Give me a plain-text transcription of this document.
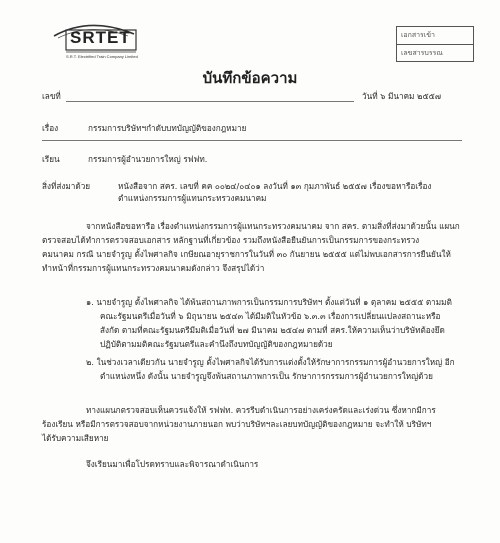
SRTET
S.R.T. Electrified Train Company Limited
เอกสารเข้า
เลขสารบรรณ
บันทึกข้อความ
เลขที่	วันที่ ๖ มีนาคม ๒๕๕๗
เรื่อง	กรรมการบริษัทฯกำดับบทบัญญัติของกฎหมาย
เรียน	กรรมการผู้อำนวยการใหญ่ รฟฟท.
สิ่งที่ส่งมาด้วย	หนังสือจาก สคร. เลขที่ คค ๐๐๒๔/๐๔๐๑ ลงวันที่ ๑๓ กุมภาพันธ์ ๒๕๕๗ เรื่องขอหารือเรื่อง
ตำแหน่งกรรมการผู้แทนกระทรวงคมนาคม
จากหนังสือขอหารือ เรื่องตำแหน่งกรรมการผู้แทนกระทรวงคมนาคม จาก สคร. ตามสิ่งที่ส่งมาด้วยนั้น แผนก
ตรวจสอบได้ทำการตรวจสอบเอกสาร หลักฐานที่เกี่ยวข้อง รวมถึงหนังสือยืนยันการเป็นกรรมการของกระทรวง
คมนาคม กรณี นายจำรูญ ตั้งไพศาลกิจ เกษียณอายุราชการในวันที่ ๓๐ กันยายน ๒๕๕๕ แต่ไม่พบเอกสารการยืนยันให้
ทำหน้าที่กรรมการผู้แทนกระทรวงคมนาคมดังกล่าว จึงสรุปได้ว่า
๑. นายจำรูญ ตั้งไพศาลกิจ ได้พ้นสถานภาพการเป็นกรรมการบริษัทฯ ตั้งแต่วันที่ ๑ ตุลาคม ๒๕๕๕ ตามมติ
คณะรัฐมนตรีเมื่อวันที่ ๖ มิถุนายน ๒๕๔๓ ได้มีมติในหัวข้อ ๖.๓.๓ เรื่องการเปลี่ยนแปลงสถานะหรือ
สังกัด ตามที่คณะรัฐมนตรีมีมติเมื่อวันที่ ๒๗ มีนาคม ๒๕๔๗ ตามที่ สคร.ให้ความเห็นว่าบริษัทต้องยึด
ปฏิบัติตามมติคณะรัฐมนตรีและคำนึงถึงบทบัญญัติของกฎหมายด้วย
๒. ในช่วงเวลาเดียวกัน นายจำรูญ ตั้งไพศาลกิจได้รับการแต่งตั้งให้รักษาการกรรมการผู้อำนวยการใหญ่ อีก
ตำแหน่งหนึ่ง ดังนั้น นายจำรูญจึงพ้นสถานภาพการเป็น รักษาการกรรมการผู้อำนวยการใหญ่ด้วย
ทางแผนกตรวจสอบเห็นควรแจ้งให้ รฟฟท. ควรรีบดำเนินการอย่างเคร่งครัดและเร่งด่วน ซึ่งหากมีการ
ร้องเรียน หรือมีการตรวจสอบจากหน่วยงานภายนอก พบว่าบริษัทฯละเลยบทบัญญัติของกฎหมาย จะทำให้ บริษัทฯ
ได้รับความเสียหาย
จึงเรียนมาเพื่อโปรดทราบและพิจารณาดำเนินการ
